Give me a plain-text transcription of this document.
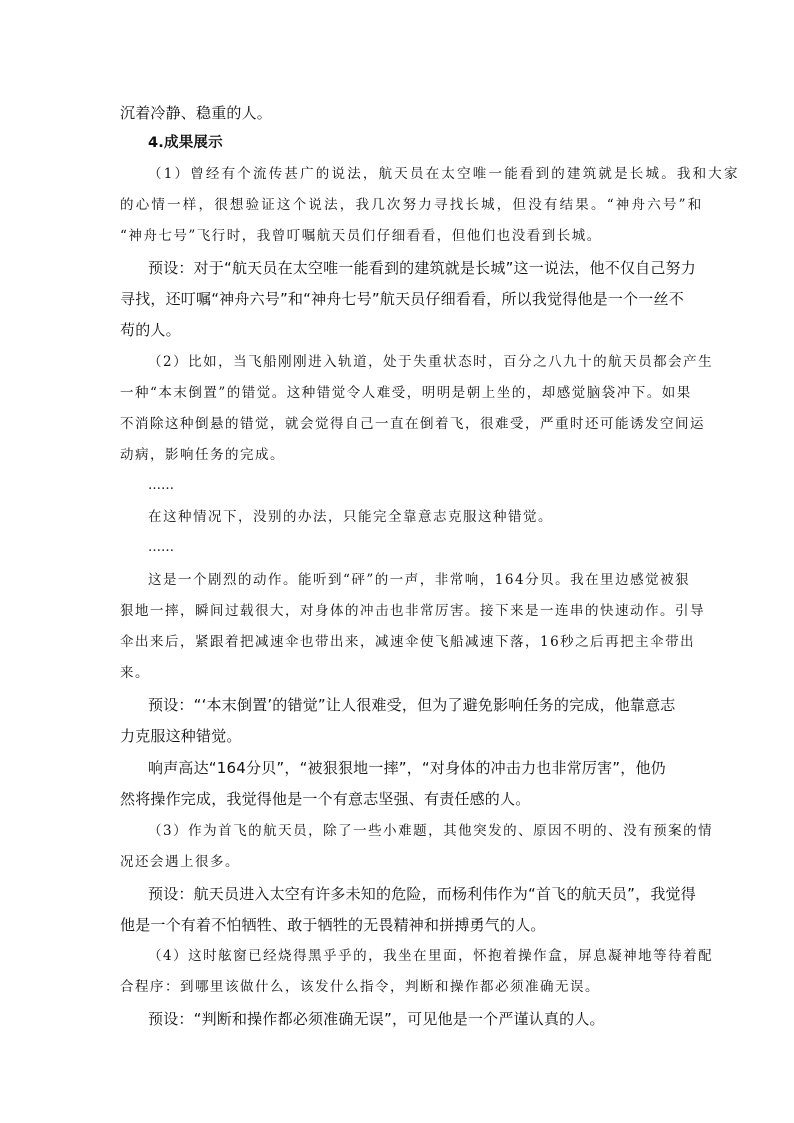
沉着冷静、稳重的人。
4.成果展示
（1）曾经有个流传甚广的说法，航天员在太空唯一能看到的建筑就是长城。我和大家
的心情一样，很想验证这个说法，我几次努力寻找长城，但没有结果。“神舟六号”和
“神舟七号”飞行时，我曾叮嘱航天员们仔细看看，但他们也没看到长城。
预设：对于“航天员在太空唯一能看到的建筑就是长城”这一说法，他不仅自己努力
寻找，还叮嘱“神舟六号”和“神舟七号”航天员仔细看看，所以我觉得他是一个一丝不
苟的人。
（2）比如，当飞船刚刚进入轨道，处于失重状态时，百分之八九十的航天员都会产生
一种“本末倒置”的错觉。这种错觉令人难受，明明是朝上坐的，却感觉脑袋冲下。如果
不消除这种倒悬的错觉，就会觉得自己一直在倒着飞，很难受，严重时还可能诱发空间运
动病，影响任务的完成。
……
在这种情况下，没别的办法，只能完全靠意志克服这种错觉。
……
这是一个剧烈的动作。能听到“砰”的一声，非常响，164分贝。我在里边感觉被狠
狠地一摔，瞬间过载很大，对身体的冲击也非常厉害。接下来是一连串的快速动作。引导
伞出来后，紧跟着把减速伞也带出来，减速伞使飞船减速下落，16秒之后再把主伞带出
来。
预设：“‘本末倒置’的错觉”让人很难受，但为了避免影响任务的完成，他靠意志
力克服这种错觉。
响声高达“164分贝”，“被狠狠地一摔”，“对身体的冲击力也非常厉害”，他仍
然将操作完成，我觉得他是一个有意志坚强、有责任感的人。
（3）作为首飞的航天员，除了一些小难题，其他突发的、原因不明的、没有预案的情
况还会遇上很多。
预设：航天员进入太空有许多未知的危险，而杨利伟作为“首飞的航天员”，我觉得
他是一个有着不怕牺牲、敢于牺牲的无畏精神和拼搏勇气的人。
（4）这时舷窗已经烧得黑乎乎的，我坐在里面，怀抱着操作盒，屏息凝神地等待着配
合程序：到哪里该做什么，该发什么指令，判断和操作都必须准确无误。
预设：“判断和操作都必须准确无误”，可见他是一个严谨认真的人。
